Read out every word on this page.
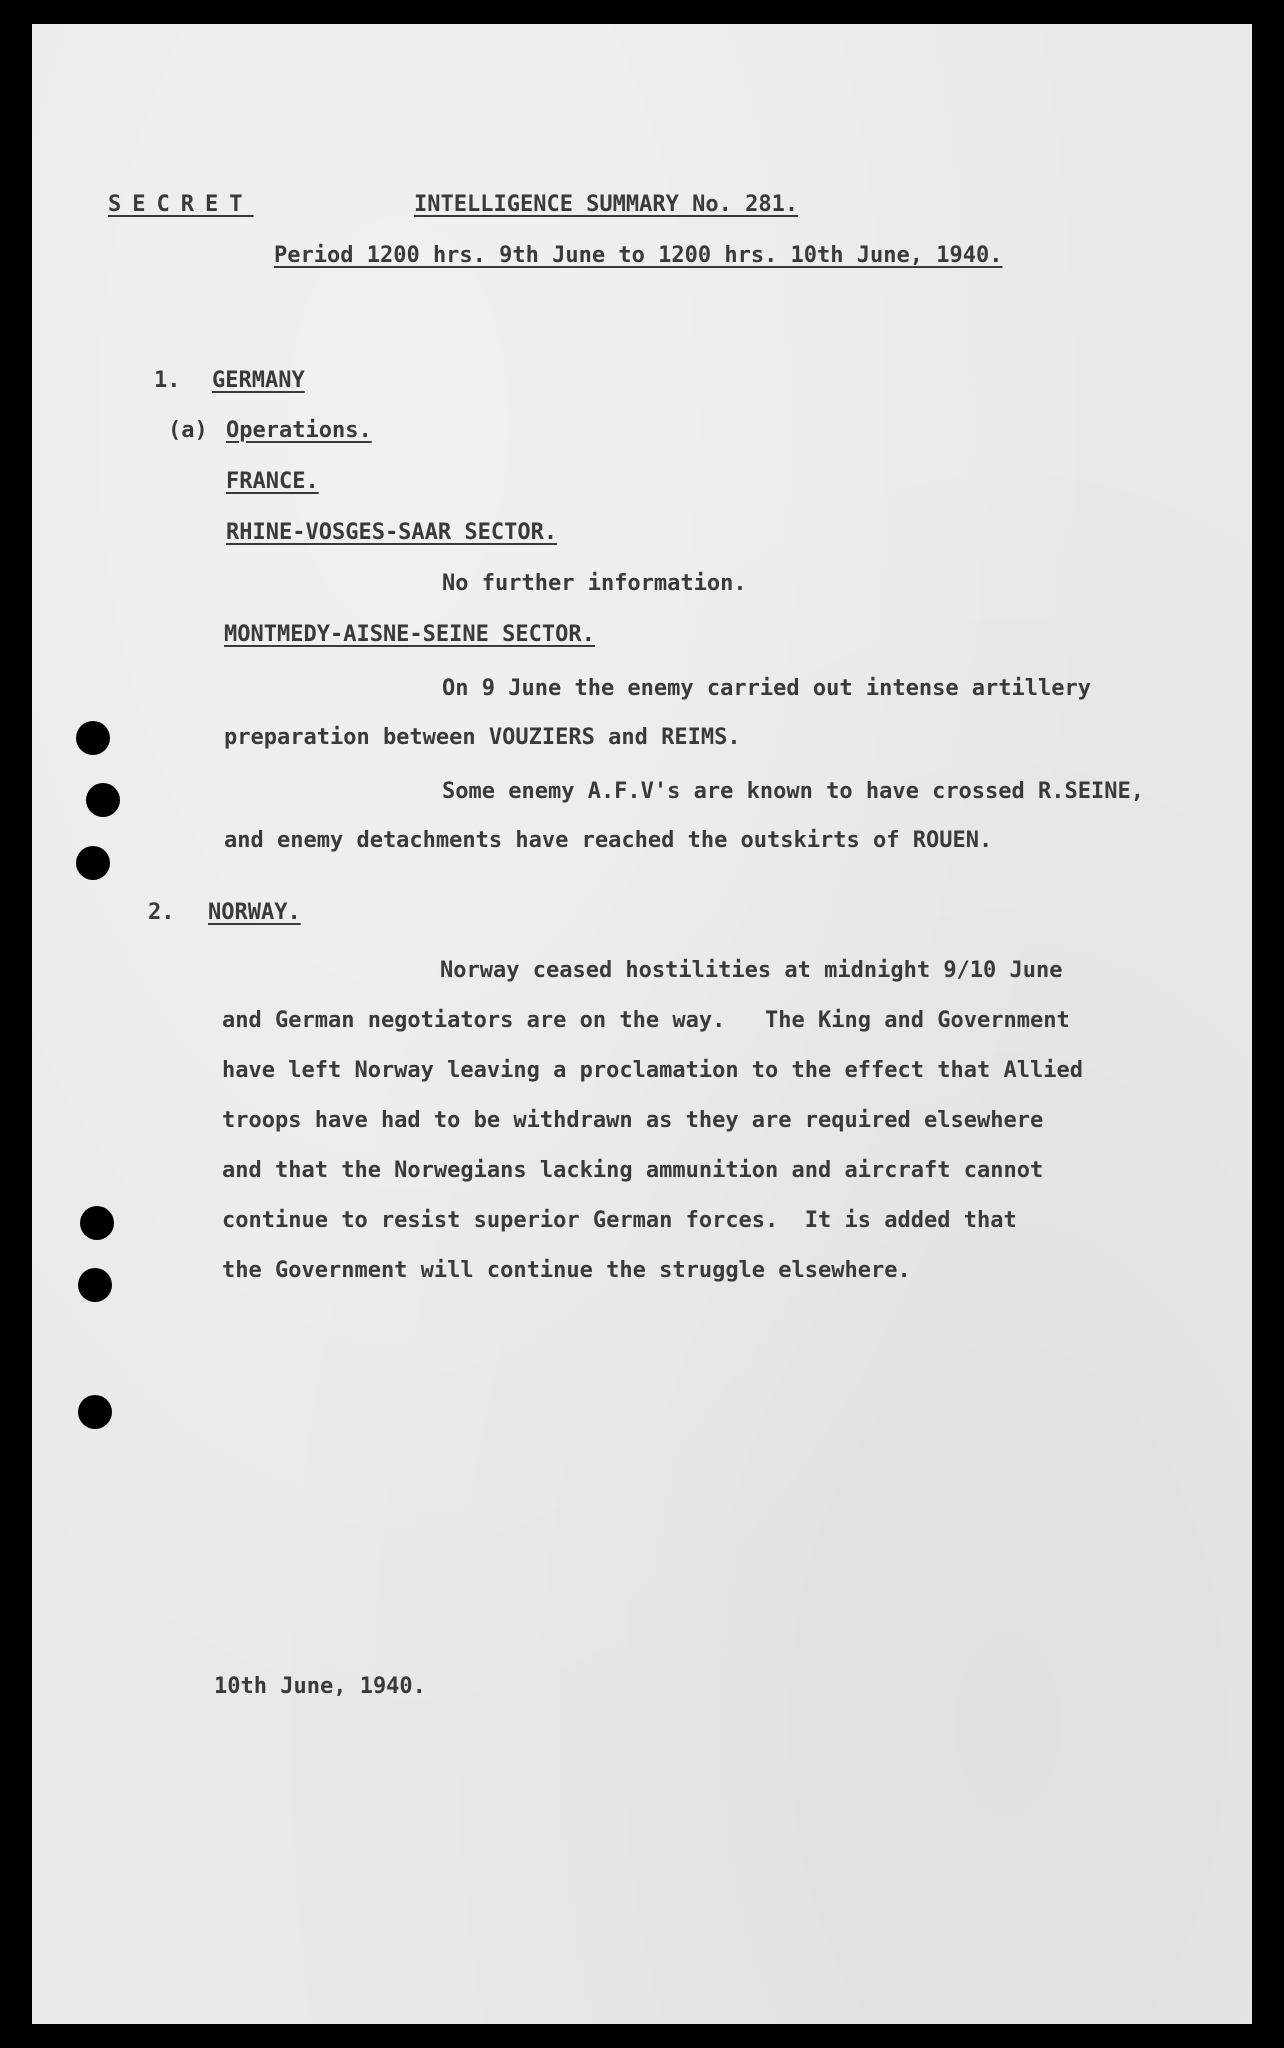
SECRET	INTELLIGENCE SUMMARY No. 281.
Period 1200 hrs. 9th June to 1200 hrs. 10th June, 1940.
1. GERMANY
(a) Operations.
FRANCE.
RHINE-VOSGES-SAAR SECTOR.
No further information.
MONTMEDY-AISNE-SEINE SECTOR.
On 9 June the enemy carried out intense artillery
preparation between VOUZIERS and REIMS.
Some enemy A.F.V's are known to have crossed R.SEINE,
and enemy detachments have reached the outskirts of ROUEN.
2. NORWAY.
Norway ceased hostilities at midnight 9/10 June
and German negotiators are on the way.   The King and Government
have left Norway leaving a proclamation to the effect that Allied
troops have had to be withdrawn as they are required elsewhere
and that the Norwegians lacking ammunition and aircraft cannot
continue to resist superior German forces.  It is added that
the Government will continue the struggle elsewhere.
10th June, 1940.
